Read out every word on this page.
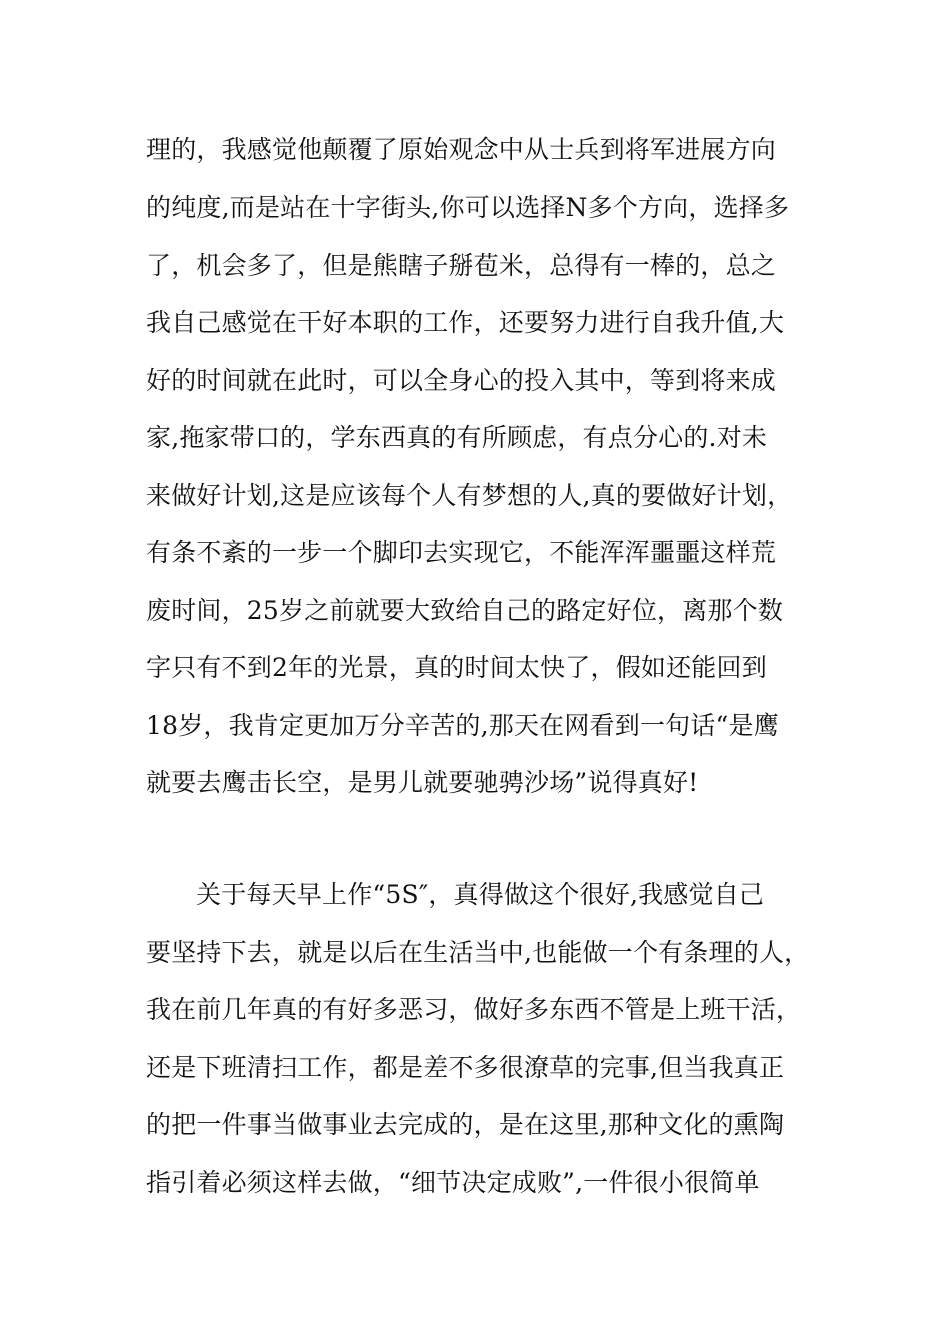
理的，我感觉他颠覆了原始观念中从士兵到将军进展方向
的纯度,而是站在十字街头,你可以选择N多个方向，选择多
了，机会多了，但是熊瞎子掰苞米，总得有一棒的，总之
我自己感觉在干好本职的工作，还要努力进行自我升值,大
好的时间就在此时，可以全身心的投入其中，等到将来成
家,拖家带口的，学东西真的有所顾虑，有点分心的.对未
来做好计划,这是应该每个人有梦想的人,真的要做好计划，
有条不紊的一步一个脚印去实现它，不能浑浑噩噩这样荒
废时间，25岁之前就要大致给自己的路定好位，离那个数
字只有不到2年的光景，真的时间太快了，假如还能回到
18岁，我肯定更加万分辛苦的,那天在网看到一句话“是鹰
就要去鹰击长空，是男儿就要驰骋沙场”说得真好!
关于每天早上作“5S″，真得做这个很好,我感觉自己
要坚持下去，就是以后在生活当中,也能做一个有条理的人，
我在前几年真的有好多恶习，做好多东西不管是上班干活，
还是下班清扫工作，都是差不多很潦草的完事,但当我真正
的把一件事当做事业去完成的，是在这里,那种文化的熏陶
指引着必须这样去做，“细节决定成败”,一件很小很简单
